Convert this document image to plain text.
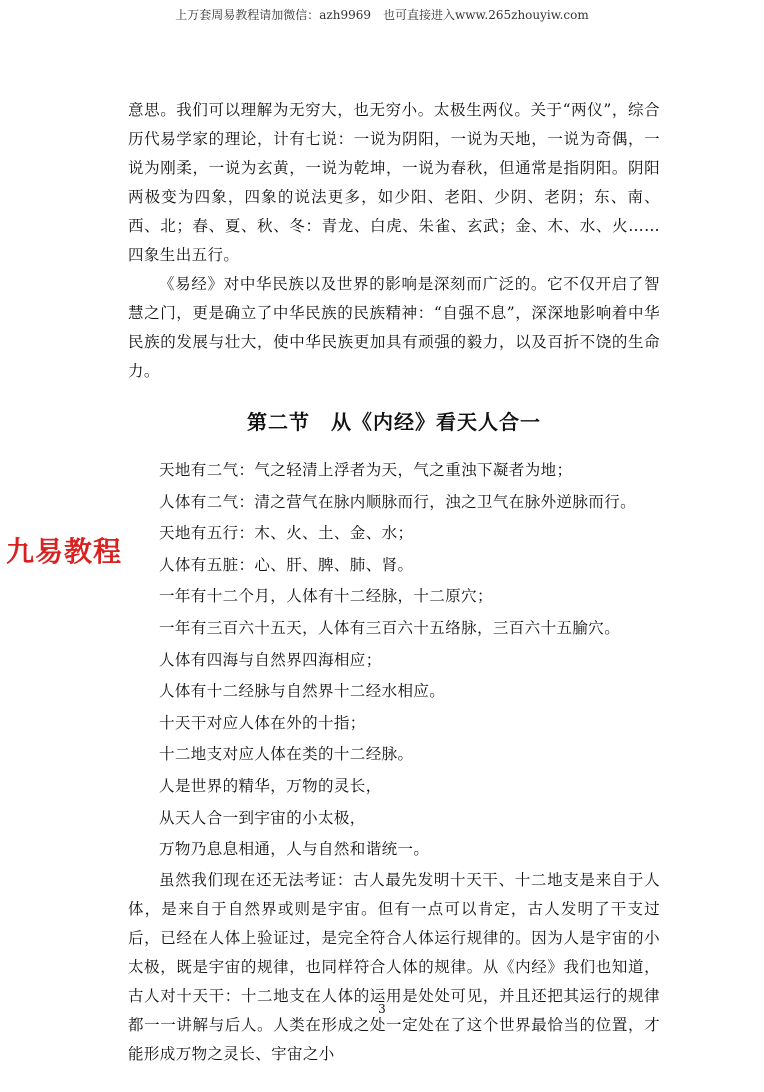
上万套周易教程请加微信：azh9969　也可直接进入www.265zhouyiw.com

意思。我们可以理解为无穷大，也无穷小。太极生两仪。关于“两仪”，综合历代易学家的理论，计有七说：一说为阴阳，一说为天地，一说为奇偶，一说为刚柔，一说为玄黄，一说为乾坤，一说为春秋，但通常是指阴阳。阴阳两极变为四象，四象的说法更多，如少阳、老阳、少阴、老阴；东、南、西、北；春、夏、秋、冬：青龙、白虎、朱雀、玄武；金、木、水、火……四象生出五行。

《易经》对中华民族以及世界的影响是深刻而广泛的。它不仅开启了智慧之门，更是确立了中华民族的民族精神：“自强不息”，深深地影响着中华民族的发展与壮大，使中华民族更加具有顽强的毅力，以及百折不饶的生命力。

第二节　从《内经》看天人合一

天地有二气：气之轻清上浮者为天，气之重浊下凝者为地；

人体有二气：清之营气在脉内顺脉而行，浊之卫气在脉外逆脉而行。

天地有五行：木、火、土、金、水；

人体有五脏：心、肝、脾、肺、肾。

一年有十二个月，人体有十二经脉，十二原穴；

一年有三百六十五天，人体有三百六十五络脉，三百六十五腧穴。

人体有四海与自然界四海相应；

人体有十二经脉与自然界十二经水相应。

十天干对应人体在外的十指；

十二地支对应人体在类的十二经脉。

人是世界的精华，万物的灵长，

从天人合一到宇宙的小太极，

万物乃息息相通，人与自然和谐统一。

虽然我们现在还无法考证：古人最先发明十天干、十二地支是来自于人体，是来自于自然界或则是宇宙。但有一点可以肯定，古人发明了干支过后，已经在人体上验证过，是完全符合人体运行规律的。因为人是宇宙的小太极，既是宇宙的规律，也同样符合人体的规律。从《内经》我们也知道，古人对十天干：十二地支在人体的运用是处处可见，并且还把其运行的规律都一一讲解与后人。人类在形成之处一定处在了这个世界最恰当的位置，才能形成万物之灵长、宇宙之小

九易教程
3
